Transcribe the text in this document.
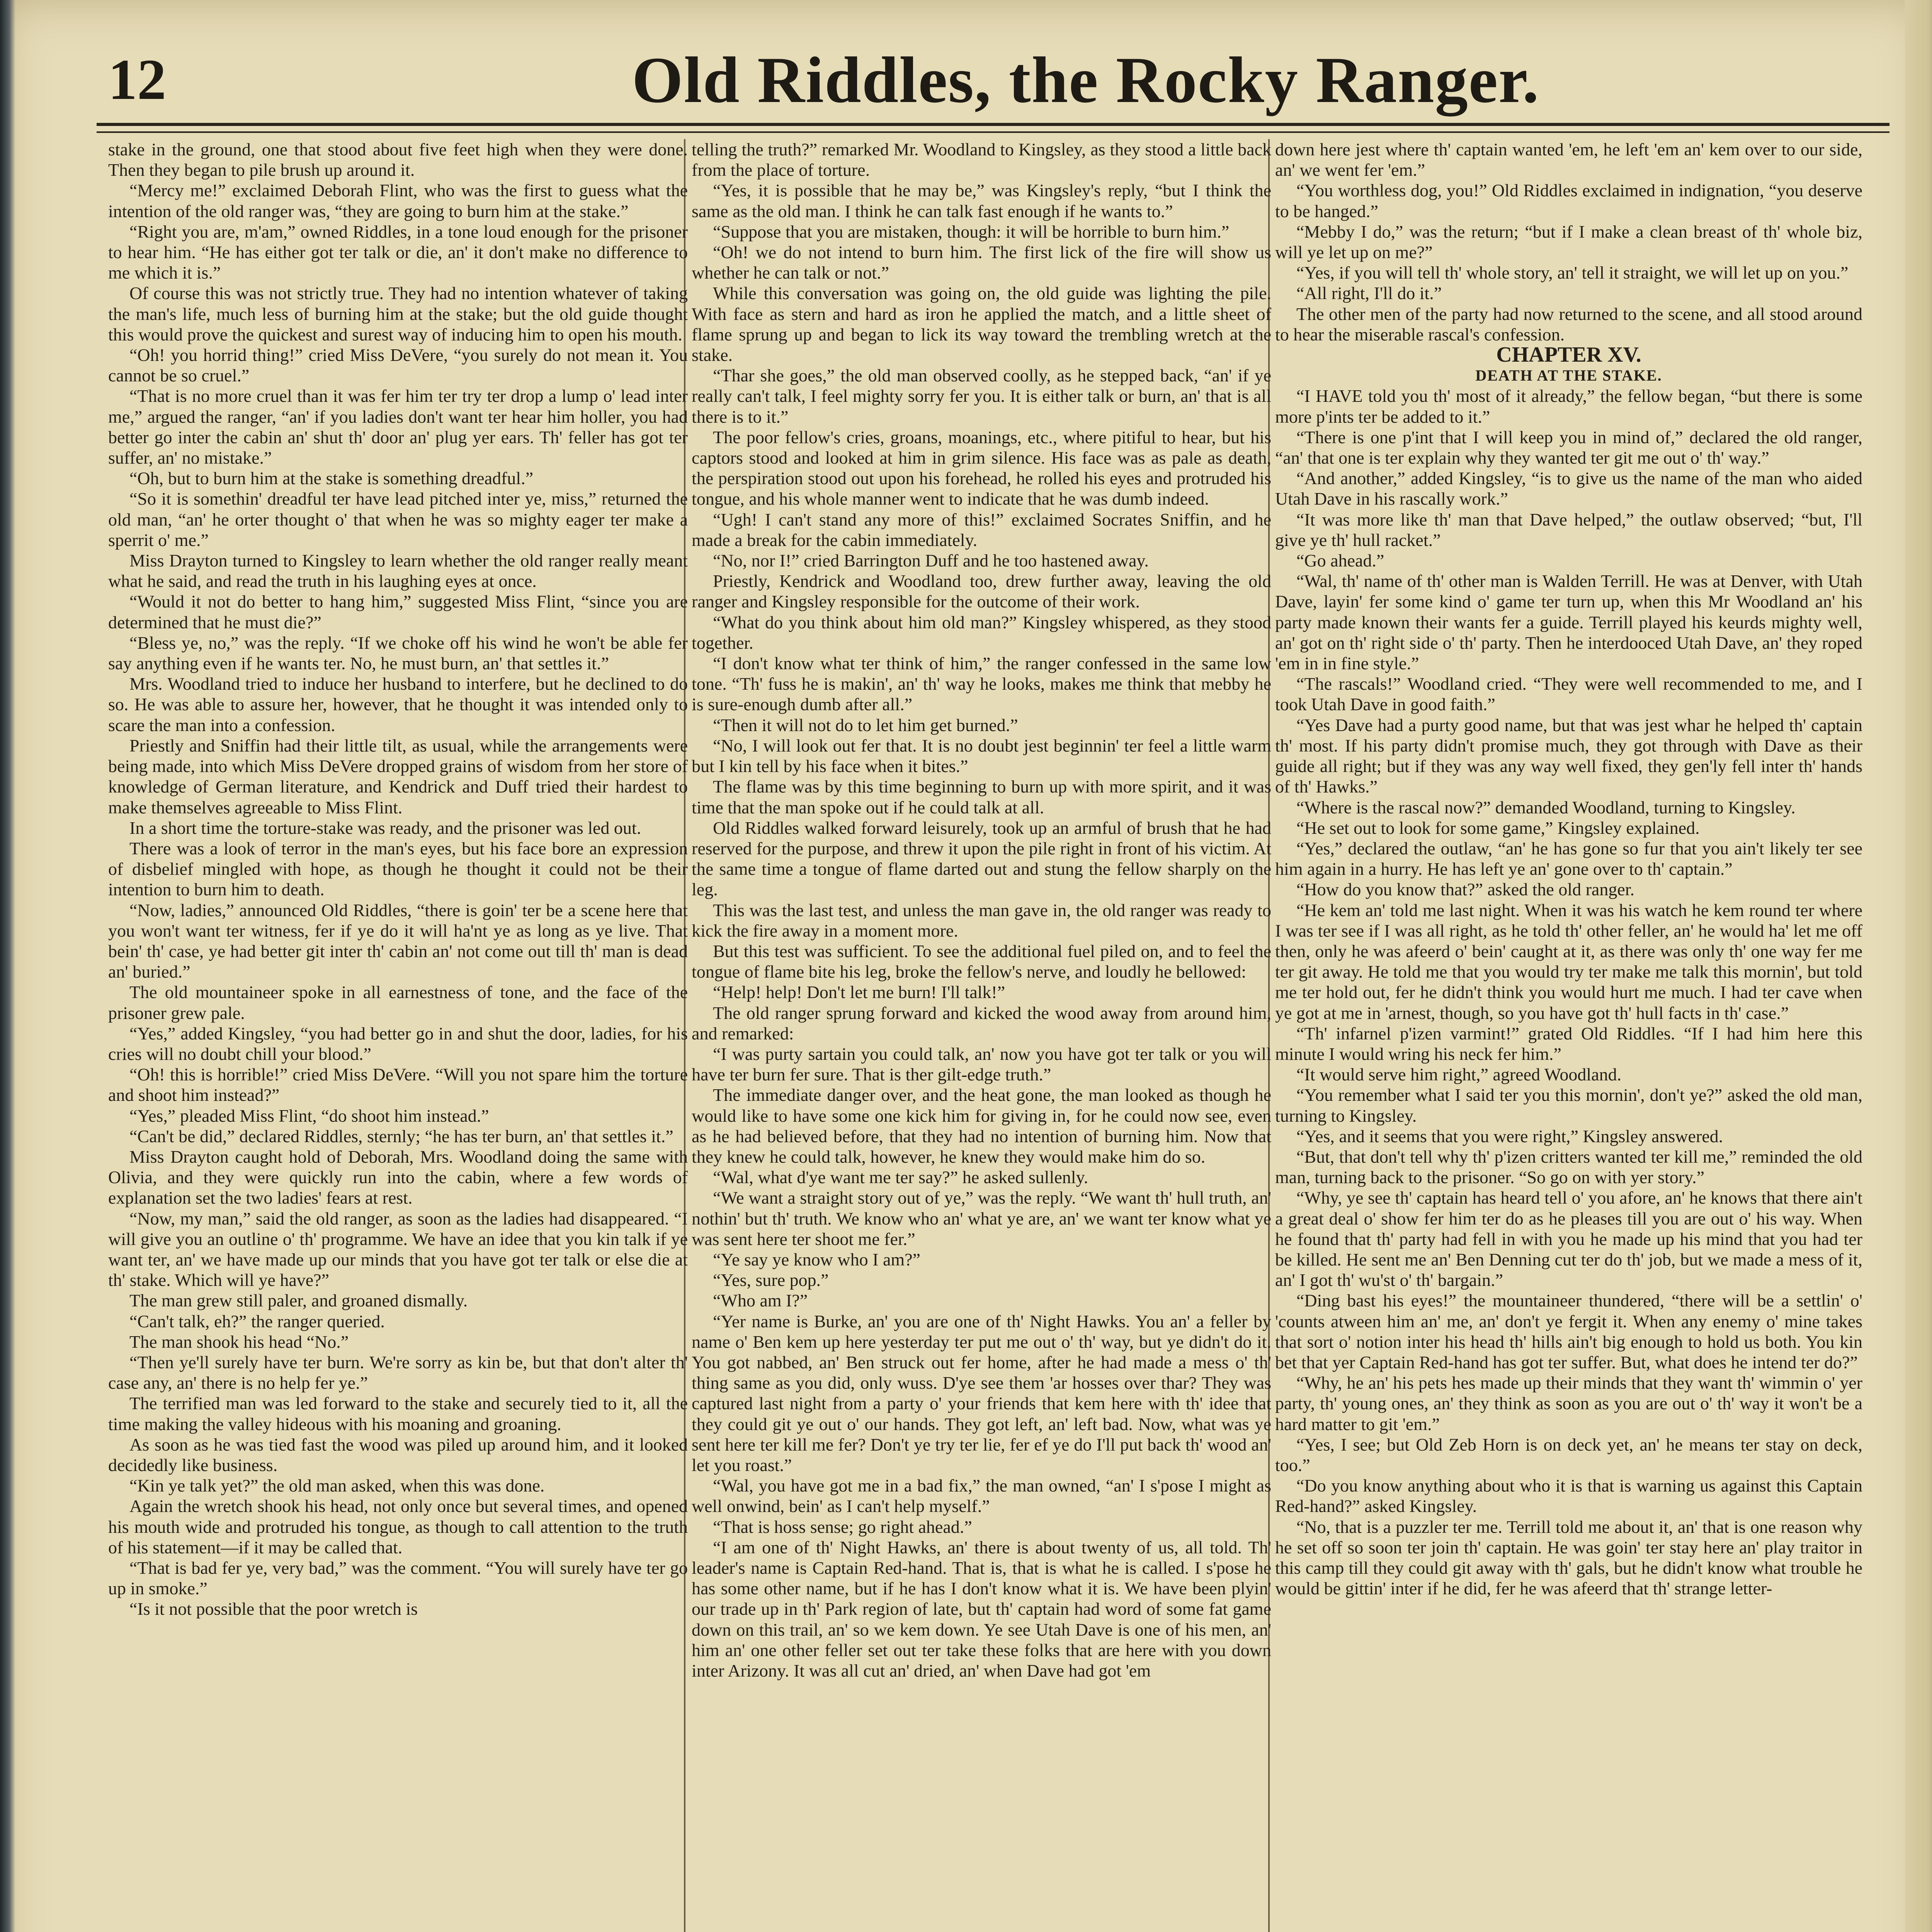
12	Old Riddles, the Rocky Ranger.

stake in the ground, one that stood about five feet high when they were done. Then they began to pile brush up around it.

“Mercy me!” exclaimed Deborah Flint, who was the first to guess what the intention of the old ranger was, “they are going to burn him at the stake.”

“Right you are, m'am,” owned Riddles, in a tone loud enough for the prisoner to hear him. “He has either got ter talk or die, an' it don't make no difference to me which it is.”

Of course this was not strictly true. They had no intention whatever of taking the man's life, much less of burning him at the stake; but the old guide thought this would prove the quickest and surest way of inducing him to open his mouth.

“Oh! you horrid thing!” cried Miss DeVere, “you surely do not mean it. You cannot be so cruel.”

“That is no more cruel than it was fer him ter try ter drop a lump o' lead inter me,” argued the ranger, “an' if you ladies don't want ter hear him holler, you had better go inter the cabin an' shut th' door an' plug yer ears. Th' feller has got ter suffer, an' no mistake.”

“Oh, but to burn him at the stake is something dreadful.”

“So it is somethin' dreadful ter have lead pitched inter ye, miss,” returned the old man, “an' he orter thought o' that when he was so mighty eager ter make a sperrit o' me.”

Miss Drayton turned to Kingsley to learn whether the old ranger really meant what he said, and read the truth in his laughing eyes at once.

“Would it not do better to hang him,” suggested Miss Flint, “since you are determined that he must die?”

“Bless ye, no,” was the reply. “If we choke off his wind he won't be able fer say anything even if he wants ter. No, he must burn, an' that settles it.”

Mrs. Woodland tried to induce her husband to interfere, but he declined to do so. He was able to assure her, however, that he thought it was intended only to scare the man into a confession.

Priestly and Sniffin had their little tilt, as usual, while the arrangements were being made, into which Miss DeVere dropped grains of wisdom from her store of knowledge of German literature, and Kendrick and Duff tried their hardest to make themselves agreeable to Miss Flint.

In a short time the torture-stake was ready, and the prisoner was led out.

There was a look of terror in the man's eyes, but his face bore an expression of disbelief mingled with hope, as though he thought it could not be their intention to burn him to death.

“Now, ladies,” announced Old Riddles, “there is goin' ter be a scene here that you won't want ter witness, fer if ye do it will ha'nt ye as long as ye live. That bein' th' case, ye had better git inter th' cabin an' not come out till th' man is dead an' buried.”

The old mountaineer spoke in all earnestness of tone, and the face of the prisoner grew pale.

“Yes,” added Kingsley, “you had better go in and shut the door, ladies, for his cries will no doubt chill your blood.”

“Oh! this is horrible!” cried Miss DeVere. “Will you not spare him the torture and shoot him instead?”

“Yes,” pleaded Miss Flint, “do shoot him instead.”

“Can't be did,” declared Riddles, sternly; “he has ter burn, an' that settles it.”

Miss Drayton caught hold of Deborah, Mrs. Woodland doing the same with Olivia, and they were quickly run into the cabin, where a few words of explanation set the two ladies' fears at rest.

“Now, my man,” said the old ranger, as soon as the ladies had disappeared. “I will give you an outline o' th' programme. We have an idee that you kin talk if ye want ter, an' we have made up our minds that you have got ter talk or else die at th' stake. Which will ye have?”

The man grew still paler, and groaned dismally.

“Can't talk, eh?” the ranger queried.

The man shook his head “No.”

“Then ye'll surely have ter burn. We're sorry as kin be, but that don't alter th' case any, an' there is no help fer ye.”

The terrified man was led forward to the stake and securely tied to it, all the time making the valley hideous with his moaning and groaning.

As soon as he was tied fast the wood was piled up around him, and it looked decidedly like business.

“Kin ye talk yet?” the old man asked, when this was done.

Again the wretch shook his head, not only once but several times, and opened his mouth wide and protruded his tongue, as though to call attention to the truth of his statement—if it may be called that.

“That is bad fer ye, very bad,” was the comment. “You will surely have ter go up in smoke.”

“Is it not possible that the poor wretch is

telling the truth?” remarked Mr. Woodland to Kingsley, as they stood a little back from the place of torture.

“Yes, it is possible that he may be,” was Kingsley's reply, “but I think the same as the old man. I think he can talk fast enough if he wants to.”

“Suppose that you are mistaken, though: it will be horrible to burn him.”

“Oh! we do not intend to burn him. The first lick of the fire will show us whether he can talk or not.”

While this conversation was going on, the old guide was lighting the pile. With face as stern and hard as iron he applied the match, and a little sheet of flame sprung up and began to lick its way toward the trembling wretch at the stake.

“Thar she goes,” the old man observed coolly, as he stepped back, “an' if ye really can't talk, I feel mighty sorry fer you. It is either talk or burn, an' that is all there is to it.”

The poor fellow's cries, groans, moanings, etc., where pitiful to hear, but his captors stood and looked at him in grim silence. His face was as pale as death, the perspiration stood out upon his forehead, he rolled his eyes and protruded his tongue, and his whole manner went to indicate that he was dumb indeed.

“Ugh! I can't stand any more of this!” exclaimed Socrates Sniffin, and he made a break for the cabin immediately.

“No, nor I!” cried Barrington Duff and he too hastened away.

Priestly, Kendrick and Woodland too, drew further away, leaving the old ranger and Kingsley responsible for the outcome of their work.

“What do you think about him old man?” Kingsley whispered, as they stood together.

“I don't know what ter think of him,” the ranger confessed in the same low tone. “Th' fuss he is makin', an' th' way he looks, makes me think that mebby he is sure-enough dumb after all.”

“Then it will not do to let him get burned.”

“No, I will look out fer that. It is no doubt jest beginnin' ter feel a little warm but I kin tell by his face when it bites.”

The flame was by this time beginning to burn up with more spirit, and it was time that the man spoke out if he could talk at all.

Old Riddles walked forward leisurely, took up an armful of brush that he had reserved for the purpose, and threw it upon the pile right in front of his victim. At the same time a tongue of flame darted out and stung the fellow sharply on the leg.

This was the last test, and unless the man gave in, the old ranger was ready to kick the fire away in a moment more.

But this test was sufficient. To see the additional fuel piled on, and to feel the tongue of flame bite his leg, broke the fellow's nerve, and loudly he bellowed:

“Help! help! Don't let me burn! I'll talk!”

The old ranger sprung forward and kicked the wood away from around him, and remarked:

“I was purty sartain you could talk, an' now you have got ter talk or you will have ter burn fer sure. That is ther gilt-edge truth.”

The immediate danger over, and the heat gone, the man looked as though he would like to have some one kick him for giving in, for he could now see, even as he had believed before, that they had no intention of burning him. Now that they knew he could talk, however, he knew they would make him do so.

“Wal, what d'ye want me ter say?” he asked sullenly.

“We want a straight story out of ye,” was the reply. “We want th' hull truth, an' nothin' but th' truth. We know who an' what ye are, an' we want ter know what ye was sent here ter shoot me fer.”

“Ye say ye know who I am?”

“Yes, sure pop.”

“Who am I?”

“Yer name is Burke, an' you are one of th' Night Hawks. You an' a feller by name o' Ben kem up here yesterday ter put me out o' th' way, but ye didn't do it. You got nabbed, an' Ben struck out fer home, after he had made a mess o' th' thing same as you did, only wuss. D'ye see them 'ar hosses over thar? They was captured last night from a party o' your friends that kem here with th' idee that they could git ye out o' our hands. They got left, an' left bad. Now, what was ye sent here ter kill me fer? Don't ye try ter lie, fer ef ye do I'll put back th' wood an' let you roast.”

“Wal, you have got me in a bad fix,” the man owned, “an' I s'pose I might as well onwind, bein' as I can't help myself.”

“That is hoss sense; go right ahead.”

“I am one of th' Night Hawks, an' there is about twenty of us, all told. Th' leader's name is Captain Red-hand. That is, that is what he is called. I s'pose he has some other name, but if he has I don't know what it is. We have been plyin' our trade up in th' Park region of late, but th' captain had word of some fat game down on this trail, an' so we kem down. Ye see Utah Dave is one of his men, an' him an' one other feller set out ter take these folks that are here with you down inter Arizony. It was all cut an' dried, an' when Dave had got 'em

down here jest where th' captain wanted 'em, he left 'em an' kem over to our side, an' we went fer 'em.”

“You worthless dog, you!” Old Riddles exclaimed in indignation, “you deserve to be hanged.”

“Mebby I do,” was the return; “but if I make a clean breast of th' whole biz, will ye let up on me?”

“Yes, if you will tell th' whole story, an' tell it straight, we will let up on you.”

“All right, I'll do it.”

The other men of the party had now returned to the scene, and all stood around to hear the miserable rascal's confession.

CHAPTER XV.

DEATH AT THE STAKE.

“I HAVE told you th' most of it already,” the fellow began, “but there is some more p'ints ter be added to it.”

“There is one p'int that I will keep you in mind of,” declared the old ranger, “an' that one is ter explain why they wanted ter git me out o' th' way.”

“And another,” added Kingsley, “is to give us the name of the man who aided Utah Dave in his rascally work.”

“It was more like th' man that Dave helped,” the outlaw observed; “but, I'll give ye th' hull racket.”

“Go ahead.”

“Wal, th' name of th' other man is Walden Terrill. He was at Denver, with Utah Dave, layin' fer some kind o' game ter turn up, when this Mr Woodland an' his party made known their wants fer a guide. Terrill played his keurds mighty well, an' got on th' right side o' th' party. Then he interdooced Utah Dave, an' they roped 'em in in fine style.”

“The rascals!” Woodland cried. “They were well recommended to me, and I took Utah Dave in good faith.”

“Yes Dave had a purty good name, but that was jest whar he helped th' captain th' most. If his party didn't promise much, they got through with Dave as their guide all right; but if they was any way well fixed, they gen'ly fell inter th' hands of th' Hawks.”

“Where is the rascal now?” demanded Woodland, turning to Kingsley.

“He set out to look for some game,” Kingsley explained.

“Yes,” declared the outlaw, “an' he has gone so fur that you ain't likely ter see him again in a hurry. He has left ye an' gone over to th' captain.”

“How do you know that?” asked the old ranger.

“He kem an' told me last night. When it was his watch he kem round ter where I was ter see if I was all right, as he told th' other feller, an' he would ha' let me off then, only he was afeerd o' bein' caught at it, as there was only th' one way fer me ter git away. He told me that you would try ter make me talk this mornin', but told me ter hold out, fer he didn't think you would hurt me much. I had ter cave when ye got at me in 'arnest, though, so you have got th' hull facts in th' case.”

“Th' infarnel p'izen varmint!” grated Old Riddles. “If I had him here this minute I would wring his neck fer him.”

“It would serve him right,” agreed Woodland.

“You remember what I said ter you this mornin', don't ye?” asked the old man, turning to Kingsley.

“Yes, and it seems that you were right,” Kingsley answered.

“But, that don't tell why th' p'izen critters wanted ter kill me,” reminded the old man, turning back to the prisoner. “So go on with yer story.”

“Why, ye see th' captain has heard tell o' you afore, an' he knows that there ain't a great deal o' show fer him ter do as he pleases till you are out o' his way. When he found that th' party had fell in with you he made up his mind that you had ter be killed. He sent me an' Ben Denning cut ter do th' job, but we made a mess of it, an' I got th' wu'st o' th' bargain.”

“Ding bast his eyes!” the mountaineer thundered, “there will be a settlin' o' 'counts atween him an' me, an' don't ye fergit it. When any enemy o' mine takes that sort o' notion inter his head th' hills ain't big enough to hold us both. You kin bet that yer Captain Red-hand has got ter suffer. But, what does he intend ter do?”

“Why, he an' his pets hes made up their minds that they want th' wimmin o' yer party, th' young ones, an' they think as soon as you are out o' th' way it won't be a hard matter to git 'em.”

“Yes, I see; but Old Zeb Horn is on deck yet, an' he means ter stay on deck, too.”

“Do you know anything about who it is that is warning us against this Captain Red-hand?” asked Kingsley.

“No, that is a puzzler ter me. Terrill told me about it, an' that is one reason why he set off so soon ter join th' captain. He was goin' ter stay here an' play traitor in this camp till they could git away with th' gals, but he didn't know what trouble he would be gittin' inter if he did, fer he was afeerd that th' strange letter-
